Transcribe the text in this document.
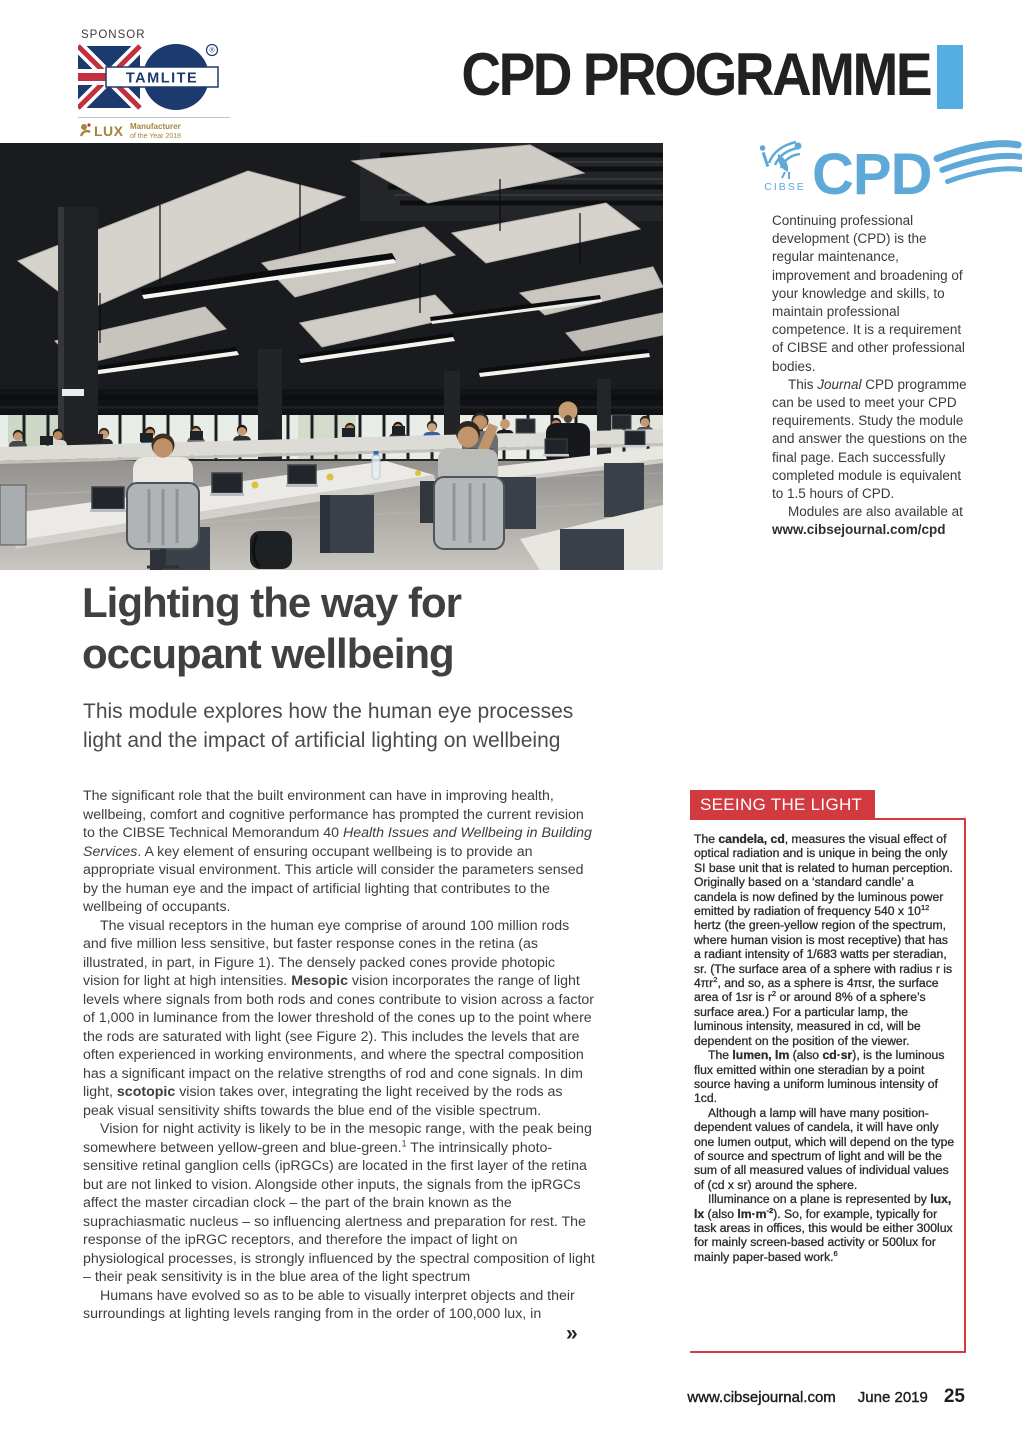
SPONSOR
®
TAMLITE
LUX Manufacturer
of the Year 2018
CPD PROGRAMME
CIBSE CPD

Continuing professional development (CPD) is the regular maintenance, improvement and broadening of your knowledge and skills, to maintain professional competence. It is a requirement of CIBSE and other professional bodies.

This Journal CPD programme can be used to meet your CPD requirements. Study the module and answer the questions on the final page. Each successfully completed module is equivalent to 1.5 hours of CPD.

Modules are also available at www.cibsejournal.com/cpd

Lighting the way for
occupant wellbeing

This module explores how the human eye processes light and the impact of artificial lighting on wellbeing

The significant role that the built environment can have in improving health, wellbeing, comfort and cognitive performance has prompted the current revision to the CIBSE Technical Memorandum 40 Health Issues and Wellbeing in Building Services. A key element of ensuring occupant wellbeing is to provide an appropriate visual environment. This article will consider the parameters sensed by the human eye and the impact of artificial lighting that contributes to the wellbeing of occupants.

The visual receptors in the human eye comprise of around 100 million rods and five million less sensitive, but faster response cones in the retina (as illustrated, in part, in Figure 1). The densely packed cones provide photopic vision for light at high intensities. Mesopic vision incorporates the range of light levels where signals from both rods and cones contribute to vision across a factor of 1,000 in luminance from the lower threshold of the cones up to the point where the rods are saturated with light (see Figure 2). This includes the levels that are often experienced in working environments, and where the spectral composition has a significant impact on the relative strengths of rod and cone signals. In dim light, scotopic vision takes over, integrating the light received by the rods as peak visual sensitivity shifts towards the blue end of the visible spectrum.

Vision for night activity is likely to be in the mesopic range, with the peak being somewhere between yellow-green and blue-green.$^1$ The intrinsically photo-sensitive retinal ganglion cells (ipRGCs) are located in the first layer of the retina but are not linked to vision. Alongside other inputs, the signals from the ipRGCs affect the master circadian clock – the part of the brain known as the suprachiasmatic nucleus – so influencing alertness and preparation for rest. The response of the ipRGC receptors, and therefore the impact of light on physiological processes, is strongly influenced by the spectral composition of light – their peak sensitivity is in the blue area of the light spectrum

Humans have evolved so as to be able to visually interpret objects and their surroundings at lighting levels ranging from in the order of 100,000 lux, in

»
SEEING THE LIGHT

The candela, cd, measures the visual effect of optical radiation and is unique in being the only SI base unit that is related to human perception. Originally based on a ‘standard candle’ a candela is now defined by the luminous power emitted by radiation of frequency 540 x $10^{12}$ hertz (the green-yellow region of the spectrum, where human vision is most receptive) that has a radiant intensity of 1/683 watts per steradian, sr. (The surface area of a sphere with radius r is $4\pi r^2$, and so, as a sphere is 4πsr, the surface area of 1sr is $r^2$ or around 8% of a sphere’s surface area.) For a particular lamp, the luminous intensity, measured in cd, will be dependent on the position of the viewer.

The lumen, lm (also cd·sr), is the luminous flux emitted within one steradian by a point source having a uniform luminous intensity of 1cd.

Although a lamp will have many position-dependent values of candela, it will have only one lumen output, which will depend on the type of source and spectrum of light and will be the sum of all measured values of individual values of (cd x sr) around the sphere.

Illuminance on a plane is represented by lux, lx (also $lm\cdot m^{-2}$). So, for example, typically for task areas in offices, this would be either 300lux for mainly screen-based activity or 500lux for mainly paper-based work.$^6$

www.cibsejournal.com June 2019 25
